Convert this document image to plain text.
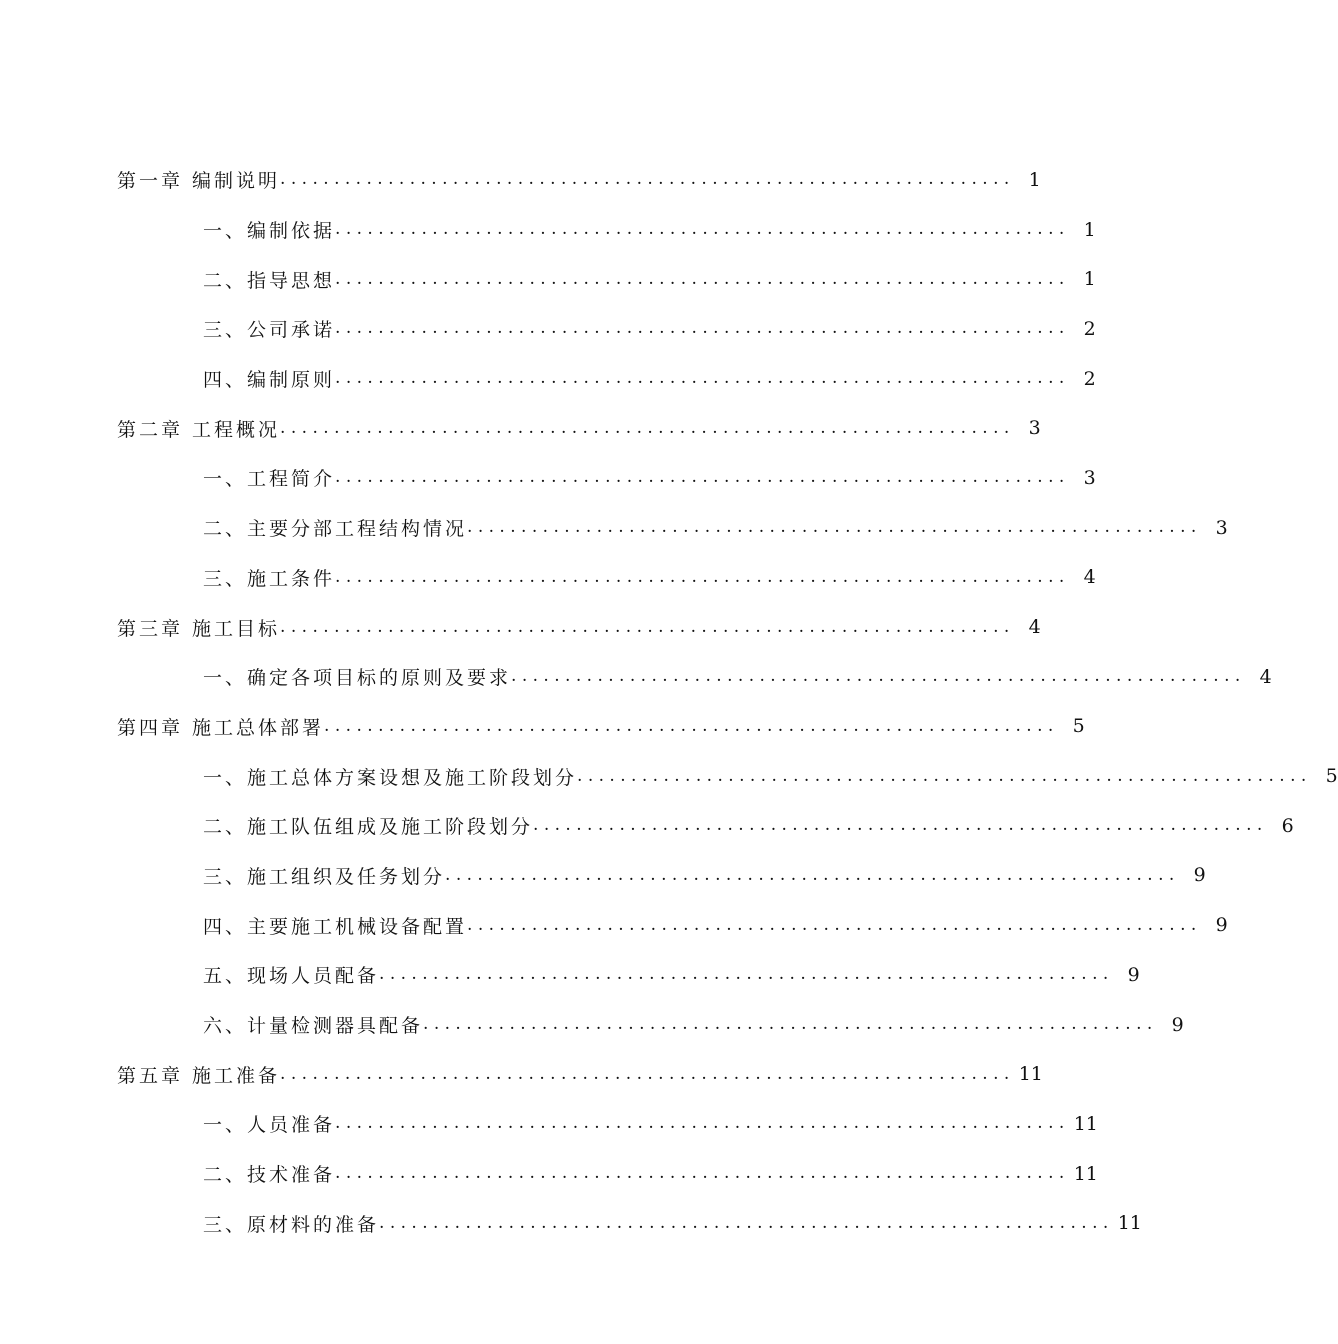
第一章 编制说明 .................................................................... 1
一、编制依据 .................................................................... 1
二、指导思想 .................................................................... 1
三、公司承诺 .................................................................... 2
四、编制原则 .................................................................... 2
第二章 工程概况 .................................................................... 3
一、工程简介 .................................................................... 3
二、主要分部工程结构情况 .................................................................... 3
三、施工条件 .................................................................... 4
第三章 施工目标 .................................................................... 4
一、确定各项目标的原则及要求 .................................................................... 4
第四章 施工总体部署 .................................................................... 5
一、施工总体方案设想及施工阶段划分 .................................................................... 5
二、施工队伍组成及施工阶段划分 .................................................................... 6
三、施工组织及任务划分 .................................................................... 9
四、主要施工机械设备配置 .................................................................... 9
五、现场人员配备 .................................................................... 9
六、计量检测器具配备 .................................................................... 9
第五章 施工准备 .................................................................... 11
一、人员准备 .................................................................... 11
二、技术准备 .................................................................... 11
三、原材料的准备 .................................................................... 11
